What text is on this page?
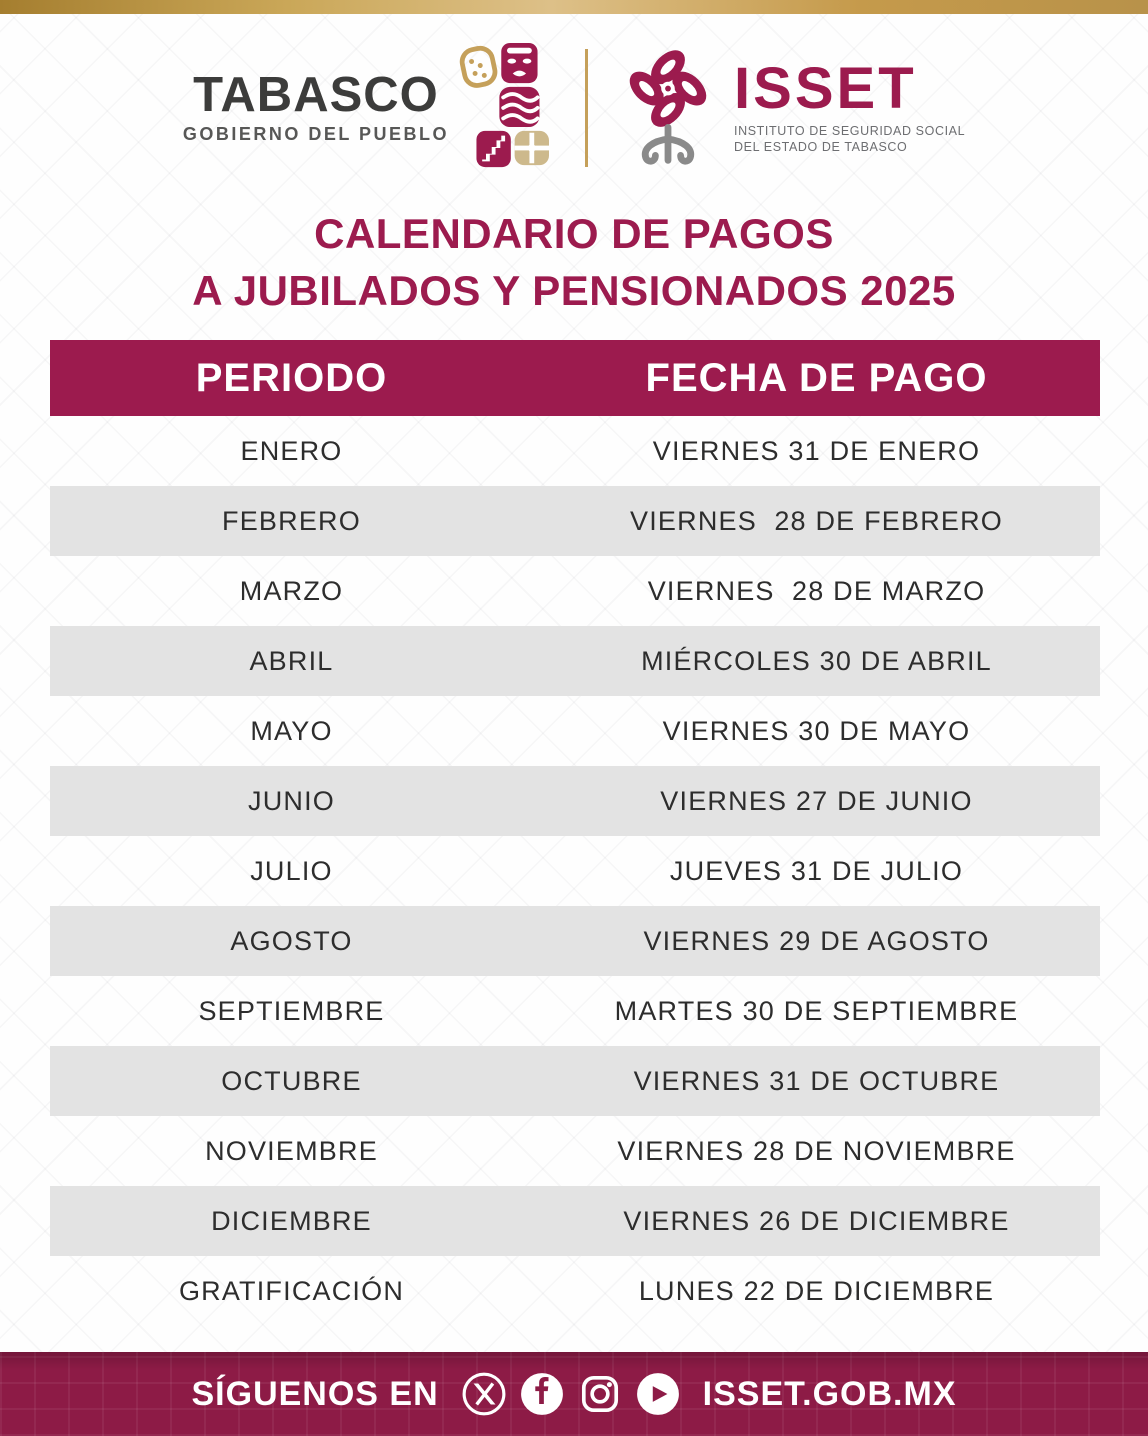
TABASCO
GOBIERNO DEL PUEBLO
ISSET
INSTITUTO DE SEGURIDAD SOCIAL
DEL ESTADO DE TABASCO
CALENDARIO DE PAGOS
A JUBILADOS Y PENSIONADOS 2025
PERIODO	FECHA DE PAGO
ENERO	VIERNES 31 DE ENERO
FEBRERO	VIERNES  28 DE FEBRERO
MARZO	VIERNES  28 DE MARZO
ABRIL	MIÉRCOLES 30 DE ABRIL
MAYO	VIERNES 30 DE MAYO
JUNIO	VIERNES 27 DE JUNIO
JULIO	JUEVES 31 DE JULIO
AGOSTO	VIERNES 29 DE AGOSTO
SEPTIEMBRE	MARTES 30 DE SEPTIEMBRE
OCTUBRE	VIERNES 31 DE OCTUBRE
NOVIEMBRE	VIERNES 28 DE NOVIEMBRE
DICIEMBRE	VIERNES 26 DE DICIEMBRE
GRATIFICACIÓN	LUNES 22 DE DICIEMBRE
SÍGUENOS EN	ISSET.GOB.MX
